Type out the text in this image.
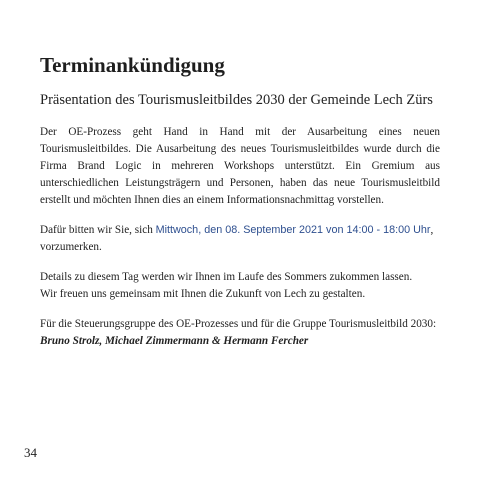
Terminankündigung
Präsentation des Tourismusleitbildes 2030 der Gemeinde Lech Zürs

Der OE-Prozess geht Hand in Hand mit der Ausarbeitung eines neuen Tourismusleitbildes. Die Ausarbeitung des neues Tourismusleitbildes wurde durch die Firma Brand Logic in mehreren Workshops unterstützt. Ein Gremium aus unterschiedlichen Leistungsträgern und Personen, haben das neue Tourismusleitbild erstellt und möchten Ihnen dies an einem Informationsnachmittag vorstellen.

Dafür bitten wir Sie, sich Mittwoch, den 08. September 2021 von 14:00 - 18:00 Uhr, vorzumerken.

Details zu diesem Tag werden wir Ihnen im Laufe des Sommers zukommen lassen.
Wir freuen uns gemeinsam mit Ihnen die Zukunft von Lech zu gestalten.

Für die Steuerungsgruppe des OE-Prozesses und für die Gruppe Tourismusleitbild 2030:
Bruno Strolz, Michael Zimmermann & Hermann Fercher

34
